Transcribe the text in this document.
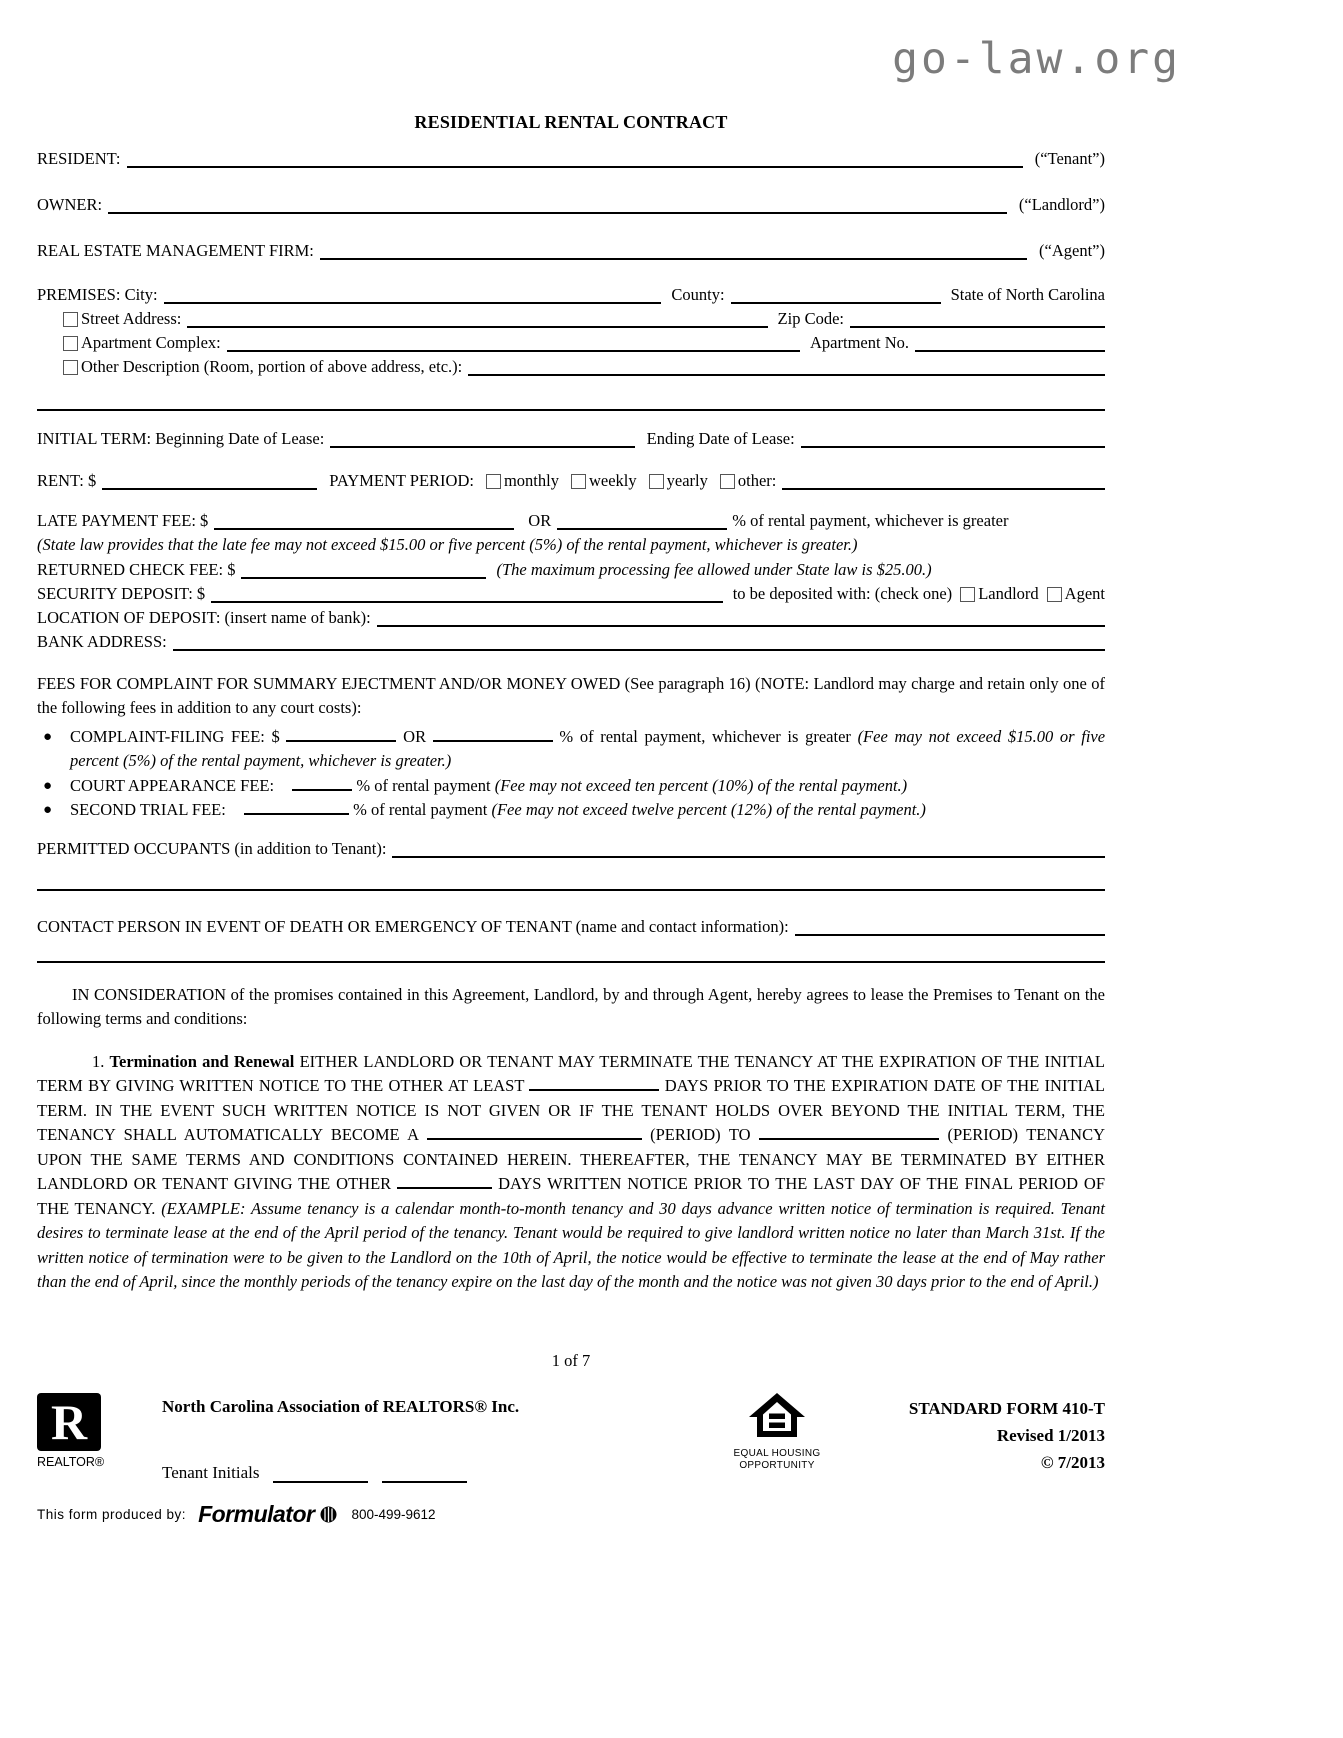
go-law.org
RESIDENTIAL RENTAL CONTRACT
RESIDENT:	(“Tenant”)
OWNER:	(“Landlord”)
REAL ESTATE MANAGEMENT FIRM:	(“Agent”)
PREMISES: City:	County:	State of North Carolina
Street Address:	Zip Code:
Apartment Complex:	Apartment No.
Other Description (Room, portion of above address, etc.):
INITIAL TERM: Beginning Date of Lease:	Ending Date of Lease:
RENT: $	PAYMENT PERIOD: monthly weekly yearly other:
LATE PAYMENT FEE: $	OR	% of rental payment, whichever is greater
(State law provides that the late fee may not exceed $15.00 or five percent (5%) of the rental payment, whichever is greater.)
RETURNED CHECK FEE: $	(The maximum processing fee allowed under State law is $25.00.)
SECURITY DEPOSIT: $	to be deposited with: (check one) Landlord Agent
LOCATION OF DEPOSIT: (insert name of bank):
BANK ADDRESS:
FEES FOR COMPLAINT FOR SUMMARY EJECTMENT AND/OR MONEY OWED (See paragraph 16) (NOTE: Landlord may charge and retain only one of the following fees in addition to any court costs):
●	COMPLAINT-FILING FEE: $	OR	% of rental payment, whichever is greater (Fee may not exceed $15.00 or five percent (5%) of the rental payment, whichever is greater.)
●	COURT APPEARANCE FEE:	% of rental payment (Fee may not exceed ten percent (10%) of the rental payment.)
●	SECOND TRIAL FEE:	% of rental payment (Fee may not exceed twelve percent (12%) of the rental payment.)
PERMITTED OCCUPANTS (in addition to Tenant):
CONTACT PERSON IN EVENT OF DEATH OR EMERGENCY OF TENANT (name and contact information):
IN CONSIDERATION of the promises contained in this Agreement, Landlord, by and through Agent, hereby agrees to lease the Premises to Tenant on the following terms and conditions:
1. Termination and Renewal EITHER LANDLORD OR TENANT MAY TERMINATE THE TENANCY AT THE EXPIRATION OF THE INITIAL TERM BY GIVING WRITTEN NOTICE TO THE OTHER AT LEAST	DAYS PRIOR TO THE EXPIRATION DATE OF THE INITIAL TERM. IN THE EVENT SUCH WRITTEN NOTICE IS NOT GIVEN OR IF THE TENANT HOLDS OVER BEYOND THE INITIAL TERM, THE TENANCY SHALL AUTOMATICALLY BECOME A	(PERIOD) TO	(PERIOD) TENANCY UPON THE SAME TERMS AND CONDITIONS CONTAINED HEREIN. THEREAFTER, THE TENANCY MAY BE TERMINATED BY EITHER LANDLORD OR TENANT GIVING THE OTHER	DAYS WRITTEN NOTICE PRIOR TO THE LAST DAY OF THE FINAL PERIOD OF THE TENANCY. (EXAMPLE: Assume tenancy is a calendar month-to-month tenancy and 30 days advance written notice of termination is required. Tenant desires to terminate lease at the end of the April period of the tenancy. Tenant would be required to give landlord written notice no later than March 31st. If the written notice of termination were to be given to the Landlord on the 10th of April, the notice would be effective to terminate the lease at the end of May rather than the end of April, since the monthly periods of the tenancy expire on the last day of the month and the notice was not given 30 days prior to the end of April.)
1 of 7
R
REALTOR®
North Carolina Association of REALTORS® Inc.
Tenant Initials
EQUAL HOUSING
OPPORTUNITY
STANDARD FORM 410-T
Revised 1/2013
© 7/2013
This form produced by: Formulator	800-499-9612
